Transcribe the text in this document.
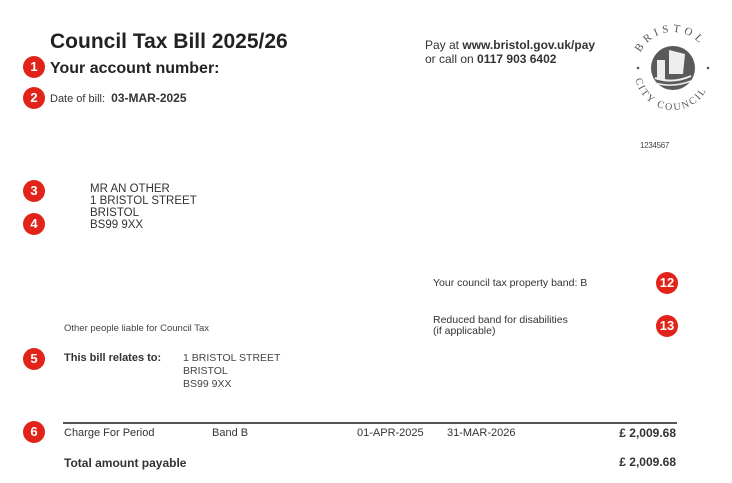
Council Tax Bill 2025/26
1 Your account number:
2	Date of bill: 03-MAR-2025
Pay at www.bristol.gov.uk/pay
or call on 0117 903 6402
BRISTOL
CITY COUNCIL
1234567
3
4
MR AN OTHER
1 BRISTOL STREET
BRISTOL
BS99 9XX
Your council tax property band: B	12
Reduced band for disabilities
(if applicable)	13
Other people liable for Council Tax
5	This bill relates to: 1 BRISTOL STREET
BRISTOL
BS99 9XX
6	Charge For Period	Band B	01-APR-2025 31-MAR-2026	£ 2,009.68
Total amount payable	£ 2,009.68
